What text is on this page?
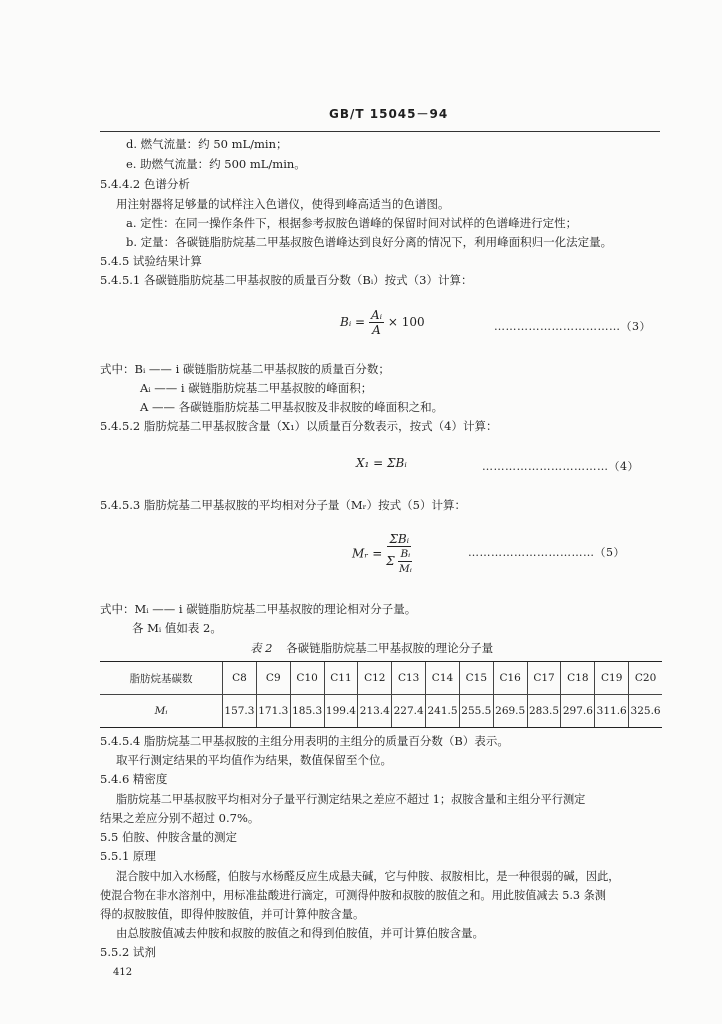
GB/T 15045－94
d. 燃气流量：约 50 mL/min；
e. 助燃气流量：约 500 mL/min。
5.4.4.2 色谱分析
用注射器将足够量的试样注入色谱仪，使得到峰高适当的色谱图。
a. 定性：在同一操作条件下，根据参考叔胺色谱峰的保留时间对试样的色谱峰进行定性；
b. 定量：各碳链脂肪烷基二甲基叔胺色谱峰达到良好分离的情况下，利用峰面积归一化法定量。
5.4.5 试验结果计算
5.4.5.1 各碳链脂肪烷基二甲基叔胺的质量百分数（Bᵢ）按式（3）计算：
Bᵢ = $\frac{\text{Aᵢ}}{A} \times 100$	……………………………（3）
式中：Bᵢ —— i 碳链脂肪烷基二甲基叔胺的质量百分数；
Aᵢ —— i 碳链脂肪烷基二甲基叔胺的峰面积；
A —— 各碳链脂肪烷基二甲基叔胺及非叔胺的峰面积之和。
5.4.5.2 脂肪烷基二甲基叔胺含量（X₁）以质量百分数表示，按式（4）计算：
X₁ = ΣBᵢ	……………………………（4）
5.4.5.3 脂肪烷基二甲基叔胺的平均相对分子量（Mᵣ）按式（5）计算：
Mᵣ = $\frac{\text{ΣBᵢ}}{\Sigma \frac{\text{Bᵢ}}{\text{Mᵢ}}}$	……………………………（5）
式中：Mᵢ —— i 碳链脂肪烷基二甲基叔胺的理论相对分子量。
各 Mᵢ 值如表 2。
表 2 各碳链脂肪烷基二甲基叔胺的理论分子量
脂肪烷基碳数	C8	C9	C10	C11	C12	C13	C14	C15	C16	C17	C18	C19	C20
Mᵢ	157.3	171.3	185.3	199.4	213.4	227.4	241.5	255.5	269.5	283.5	297.6	311.6	325.6
5.4.5.4 脂肪烷基二甲基叔胺的主组分用表明的主组分的质量百分数（B）表示。
取平行测定结果的平均值作为结果，数值保留至个位。
5.4.6 精密度
脂肪烷基二甲基叔胺平均相对分子量平行测定结果之差应不超过 1；叔胺含量和主组分平行测定
结果之差应分别不超过 0.7%。
5.5 伯胺、仲胺含量的测定
5.5.1 原理
混合胺中加入水杨醛，伯胺与水杨醛反应生成悬夫碱，它与仲胺、叔胺相比，是一种很弱的碱，因此，
使混合物在非水溶剂中，用标准盐酸进行滴定，可测得仲胺和叔胺的胺值之和。用此胺值减去 5.3 条测
得的叔胺胺值，即得仲胺胺值，并可计算仲胺含量。
由总胺胺值减去仲胺和叔胺的胺值之和得到伯胺值，并可计算伯胺含量。
5.5.2 试剂
412
